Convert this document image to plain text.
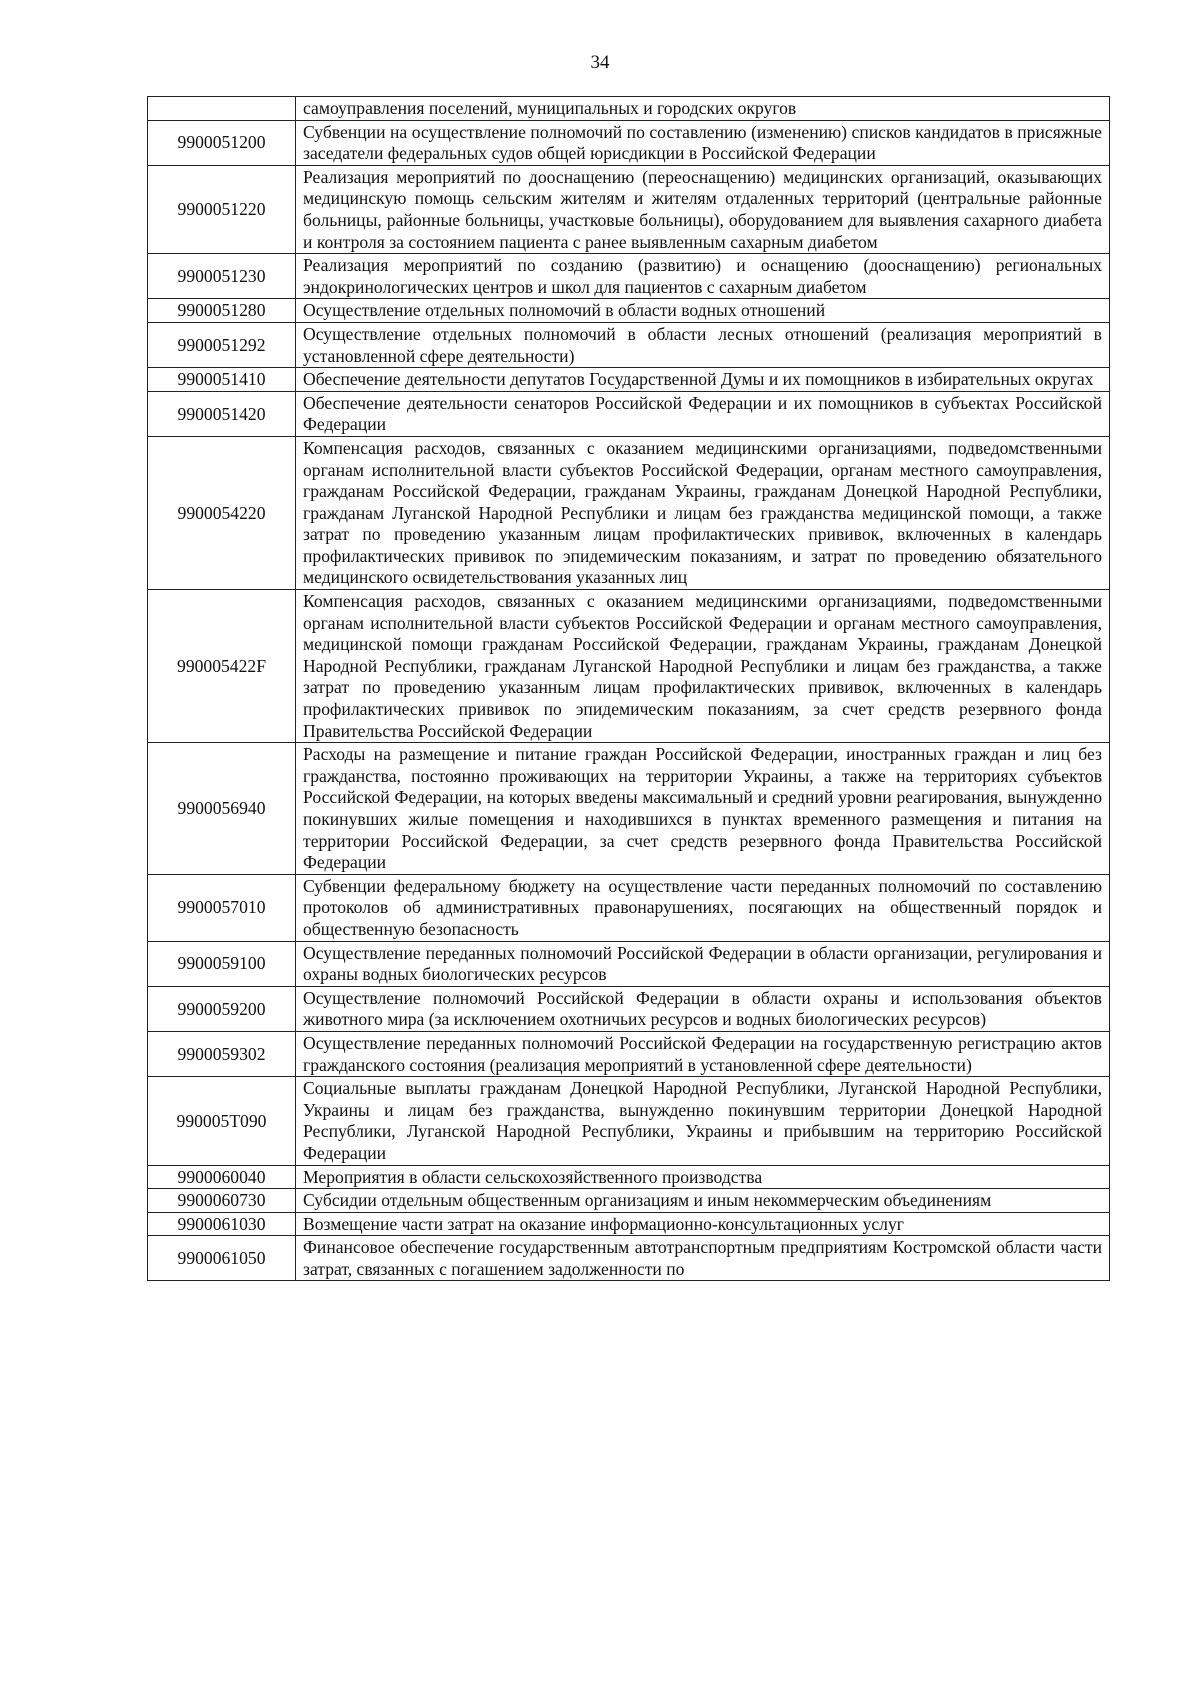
34
	самоуправления поселений, муниципальных и городских округов
9900051200	Субвенции на осуществление полномочий по составлению (изменению) списков кандидатов в присяжные заседатели федеральных судов общей юрисдикции в Российской Федерации
9900051220	Реализация мероприятий по дооснащению (переоснащению) медицинских организаций, оказывающих медицинскую помощь сельским жителям и жителям отдаленных территорий (центральные районные больницы, районные больницы, участковые больницы), оборудованием для выявления сахарного диабета и контроля за состоянием пациента с ранее выявленным сахарным диабетом
9900051230	Реализация мероприятий по созданию (развитию) и оснащению (дооснащению) региональных эндокринологических центров и школ для пациентов с сахарным диабетом
9900051280	Осуществление отдельных полномочий в области водных отношений
9900051292	Осуществление отдельных полномочий в области лесных отношений (реализация мероприятий в установленной сфере деятельности)
9900051410	Обеспечение деятельности депутатов Государственной Думы и их помощников в избирательных округах
9900051420	Обеспечение деятельности сенаторов Российской Федерации и их помощников в субъектах Российской Федерации
9900054220	Компенсация расходов, связанных с оказанием медицинскими организациями, подведомственными органам исполнительной власти субъектов Российской Федерации, органам местного самоуправления, гражданам Российской Федерации, гражданам Украины, гражданам Донецкой Народной Республики, гражданам Луганской Народной Республики и лицам без гражданства медицинской помощи, а также затрат по проведению указанным лицам профилактических прививок, включенных в календарь профилактических прививок по эпидемическим показаниям, и затрат по проведению обязательного медицинского освидетельствования указанных лиц
990005422F	Компенсация расходов, связанных с оказанием медицинскими организациями, подведомственными органам исполнительной власти субъектов Российской Федерации и органам местного самоуправления, медицинской помощи гражданам Российской Федерации, гражданам Украины, гражданам Донецкой Народной Республики, гражданам Луганской Народной Республики и лицам без гражданства, а также затрат по проведению указанным лицам профилактических прививок, включенных в календарь профилактических прививок по эпидемическим показаниям, за счет средств резервного фонда Правительства Российской Федерации
9900056940	Расходы на размещение и питание граждан Российской Федерации, иностранных граждан и лиц без гражданства, постоянно проживающих на территории Украины, а также на территориях субъектов Российской Федерации, на которых введены максимальный и средний уровни реагирования, вынужденно покинувших жилые помещения и находившихся в пунктах временного размещения и питания на территории Российской Федерации, за счет средств резервного фонда Правительства Российской Федерации
9900057010	Субвенции федеральному бюджету на осуществление части переданных полномочий по составлению протоколов об административных правонарушениях, посягающих на общественный порядок и общественную безопасность
9900059100	Осуществление переданных полномочий Российской Федерации в области организации, регулирования и охраны водных биологических ресурсов
9900059200	Осуществление полномочий Российской Федерации в области охраны и использования объектов животного мира (за исключением охотничьих ресурсов и водных биологических ресурсов)
9900059302	Осуществление переданных полномочий Российской Федерации на государственную регистрацию актов гражданского состояния (реализация мероприятий в установленной сфере деятельности)
990005T090	Социальные выплаты гражданам Донецкой Народной Республики, Луганской Народной Республики, Украины и лицам без гражданства, вынужденно покинувшим территории Донецкой Народной Республики, Луганской Народной Республики, Украины и прибывшим на территорию Российской Федерации
9900060040	Мероприятия в области сельскохозяйственного производства
9900060730	Субсидии отдельным общественным организациям и иным некоммерческим объединениям
9900061030	Возмещение части затрат на оказание информационно-консультационных услуг
9900061050	Финансовое обеспечение государственным автотранспортным предприятиям Костромской области части затрат, связанных с погашением задолженности по
